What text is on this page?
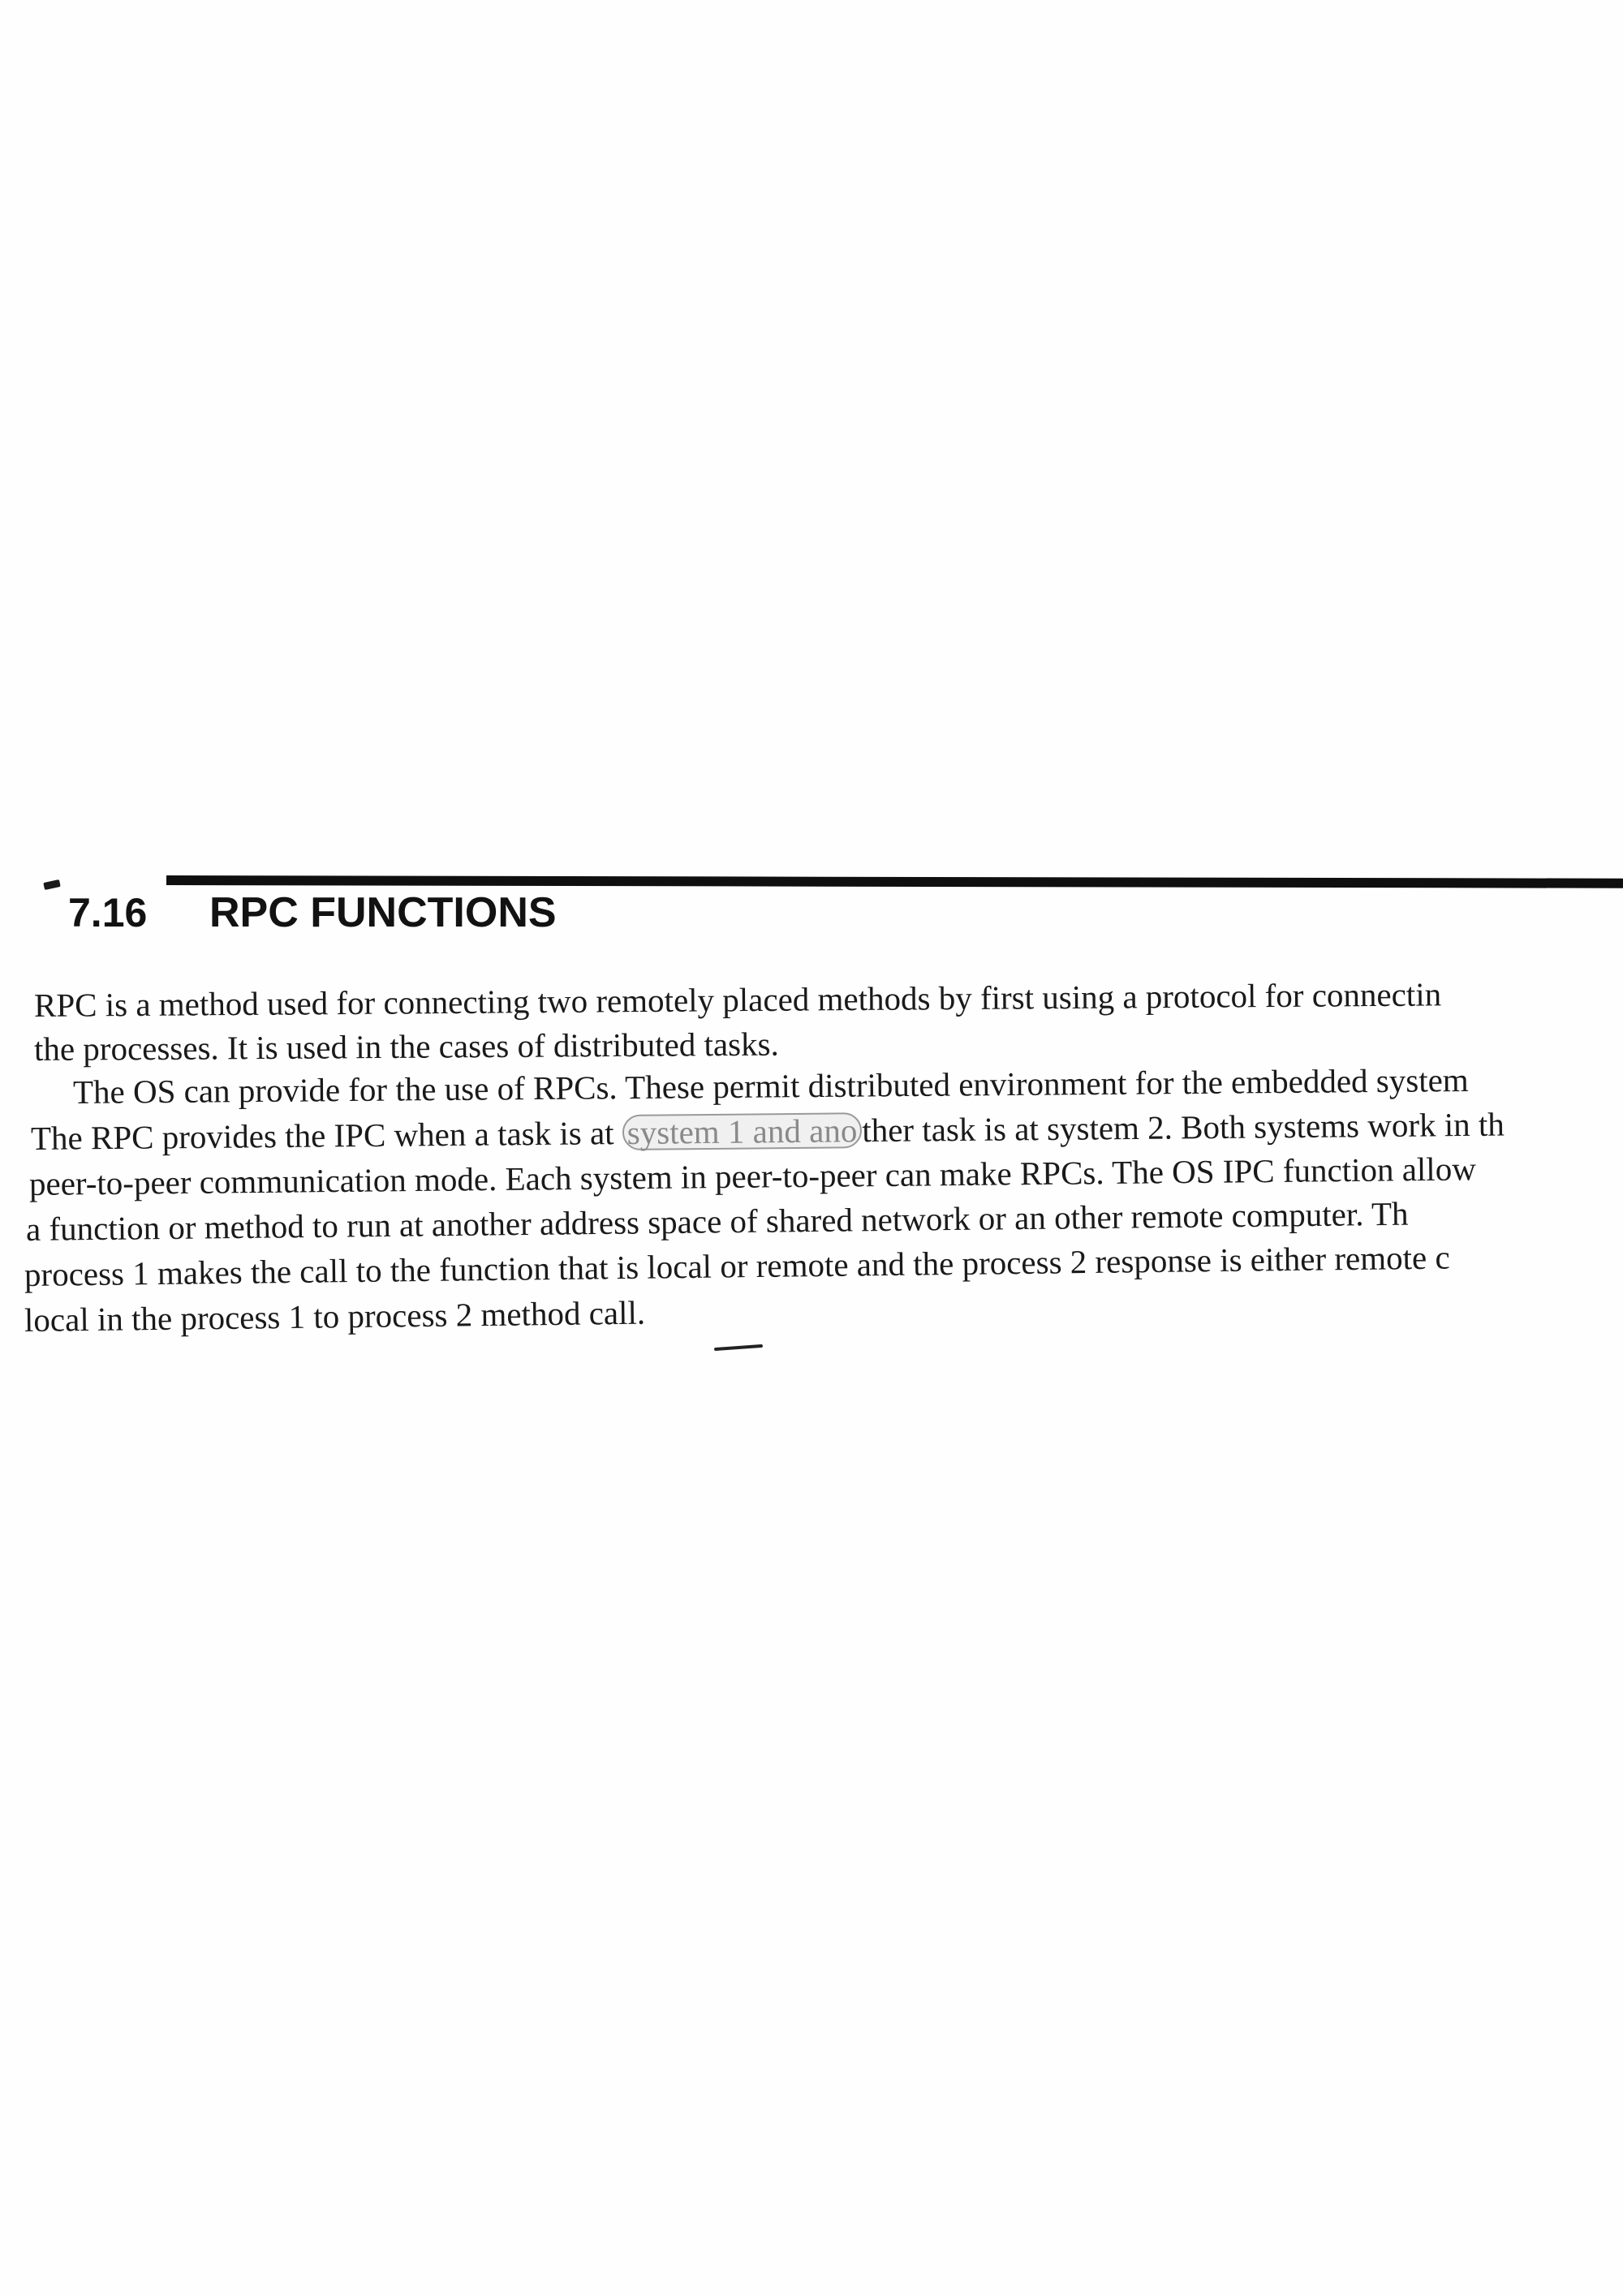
7.16	RPC FUNCTIONS
RPC is a method used for connecting two remotely placed methods by first using a protocol for connectin
the processes. It is used in the cases of distributed tasks.
The OS can provide for the use of RPCs. These permit distributed environment for the embedded system
The RPC provides the IPC when a task is at system 1 and ano ther task is at system 2. Both systems work in th
peer-to-peer communication mode. Each system in peer-to-peer can make RPCs. The OS IPC function allow
a function or method to run at another address space of shared network or an other remote computer. Th
process 1 makes the call to the function that is local or remote and the process 2 response is either remote c
local in the process 1 to process 2 method call.
